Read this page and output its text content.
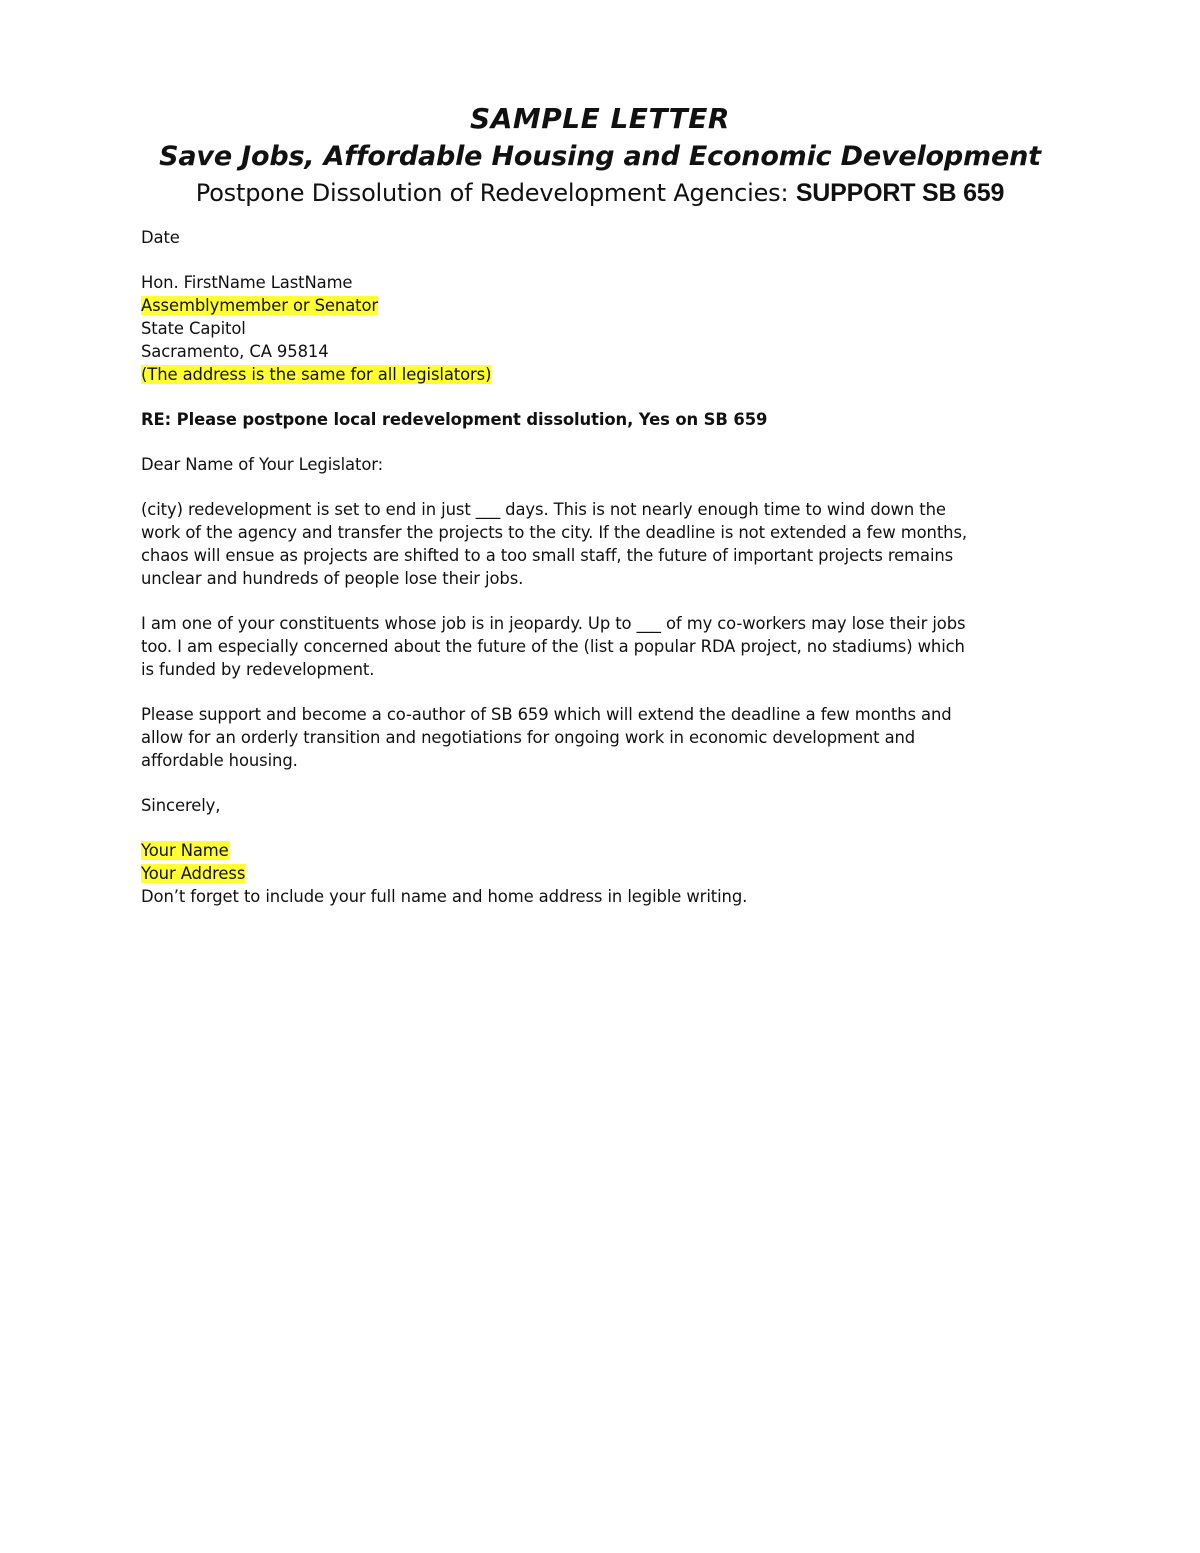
SAMPLE LETTER
Save Jobs, Affordable Housing and Economic Development
Postpone Dissolution of Redevelopment Agencies: SUPPORT SB 659
Date
Hon. FirstName LastName
Assemblymember or Senator
State Capitol
Sacramento, CA 95814
(The address is the same for all legislators)
RE: Please postpone local redevelopment dissolution, Yes on SB 659
Dear Name of Your Legislator:
(city) redevelopment is set to end in just ___ days. This is not nearly enough time to wind down the
work of the agency and transfer the projects to the city. If the deadline is not extended a few months,
chaos will ensue as projects are shifted to a too small staff, the future of important projects remains
unclear and hundreds of people lose their jobs.
I am one of your constituents whose job is in jeopardy. Up to ___ of my co-workers may lose their jobs
too. I am especially concerned about the future of the (list a popular RDA project, no stadiums) which
is funded by redevelopment.
Please support and become a co-author of SB 659 which will extend the deadline a few months and
allow for an orderly transition and negotiations for ongoing work in economic development and
affordable housing.
Sincerely,
Your Name
Your Address
Don’t forget to include your full name and home address in legible writing.
